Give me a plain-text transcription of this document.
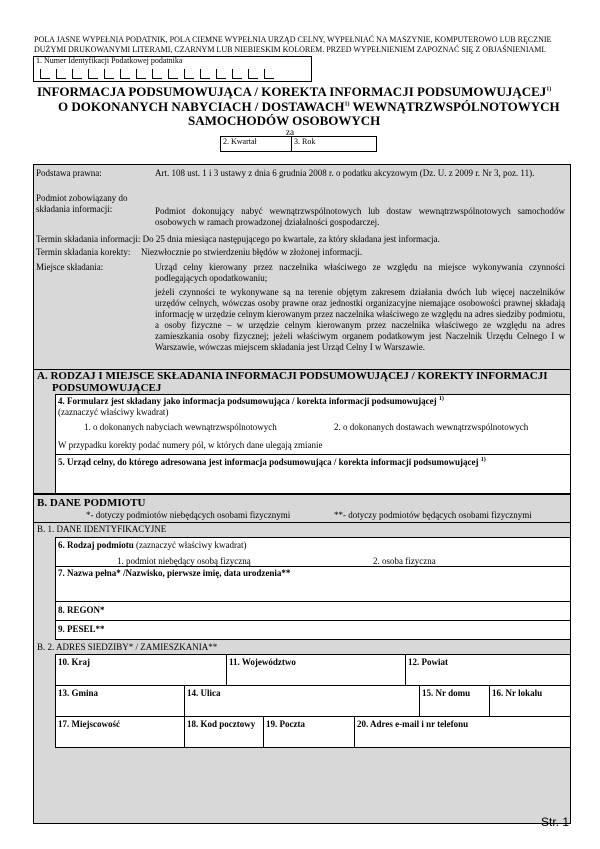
POLA JASNE WYPEŁNIA PODATNIK, POLA CIEMNE WYPEŁNIA URZĄD CELNY, WYPEŁNIAĆ NA MASZYNIE, KOMPUTEROWO LUB RĘCZNIE
DUŻYMI DRUKOWANYMI LITERAMI, CZARNYM LUB NIEBIESKIM KOLOREM. PRZED WYPEŁNIENIEM ZAPOZNAĆ SIĘ Z OBJAŚNIENIAMI.
1. Numer Identyfikacji Podatkowej podatnika
INFORMACJA PODSUMOWUJĄCA / KOREKTA INFORMACJI PODSUMOWUJĄCEJ$^{1)}$
O DOKONANYCH NABYCIACH / DOSTAWACH$^{1)}$ WEWNĄTRZWSPÓLNOTOWYCH
SAMOCHODÓW OSOBOWYCH
za
2. Kwartał	3. Rok
Podstawa prawna:	Art. 108 ust. 1 i 3 ustawy z dnia 6 grudnia 2008 r. o podatku akcyzowym (Dz. U. z 2009 r. Nr 3, poz. 11).
Podmiot zobowiązany do
składania informacji:	Podmiot dokonujący nabyć wewnątrzwspólnotowych lub dostaw wewnątrzwspólnotowych samochodów osobowych w ramach prowadzonej działalności gospodarczej.
Termin składania informacji: Do 25 dnia miesiąca następującego po kwartale, za który składana jest informacja.
Termin składania korekty: Niezwłocznie po stwierdzeniu błędów w złożonej informacji.
Miejsce składania:	Urząd celny kierowany przez naczelnika właściwego ze względu na miejsce wykonywania czynności podlegających opodatkowaniu;
jeżeli czynności te wykonywane są na terenie objętym zakresem działania dwóch lub więcej naczelników urzędów celnych, wówczas osoby prawne oraz jednostki organizacyjne niemające osobowości prawnej składają informację w urzędzie celnym kierowanym przez naczelnika właściwego ze względu na adres siedziby podmiotu, a osoby fizyczne – w urzędzie celnym kierowanym przez naczelnika właściwego ze względu na adres zamieszkania osoby fizycznej; jeżeli właściwym organem podatkowym jest Naczelnik Urzędu Celnego I w Warszawie, wówczas miejscem składania jest Urząd Celny I w Warszawie.
A. RODZAJ I MIEJSCE SKŁADANIA INFORMACJI PODSUMOWUJĄCEJ / KOREKTY INFORMACJI
PODSUMOWUJĄCEJ
4. Formularz jest składany jako informacja podsumowująca / korekta informacji podsumowującej $^{1)}$
(zaznaczyć właściwy kwadrat)
1. o dokonanych nabyciach wewnątrzwspólnotowych	2. o dokonanych dostawach wewnątrzwspólnotowych
W przypadku korekty podać numery pól, w których dane ulegają zmianie
5. Urząd celny, do którego adresowana jest informacja podsumowująca / korekta informacji podsumowującej $^{1)}$
B. DANE PODMIOTU
*- dotyczy podmiotów niebędących osobami fizycznymi	**- dotyczy podmiotów będących osobami fizycznymi
B. 1. DANE IDENTYFIKACYJNE
6. Rodzaj podmiotu (zaznaczyć właściwy kwadrat)
1. podmiot niebędący osobą fizyczną	2. osoba fizyczna
7. Nazwa pełna* /Nazwisko, pierwsze imię, data urodzenia**
8. REGON*
9. PESEL**
B. 2. ADRES SIEDZIBY* / ZAMIESZKANIA**
10. Kraj	11. Województwo	12. Powiat
13. Gmina	14. Ulica	15. Nr domu 16. Nr lokalu
17. Miejscowość	18. Kod pocztowy 19. Poczta	20. Adres e-mail i nr telefonu
Str. 1
